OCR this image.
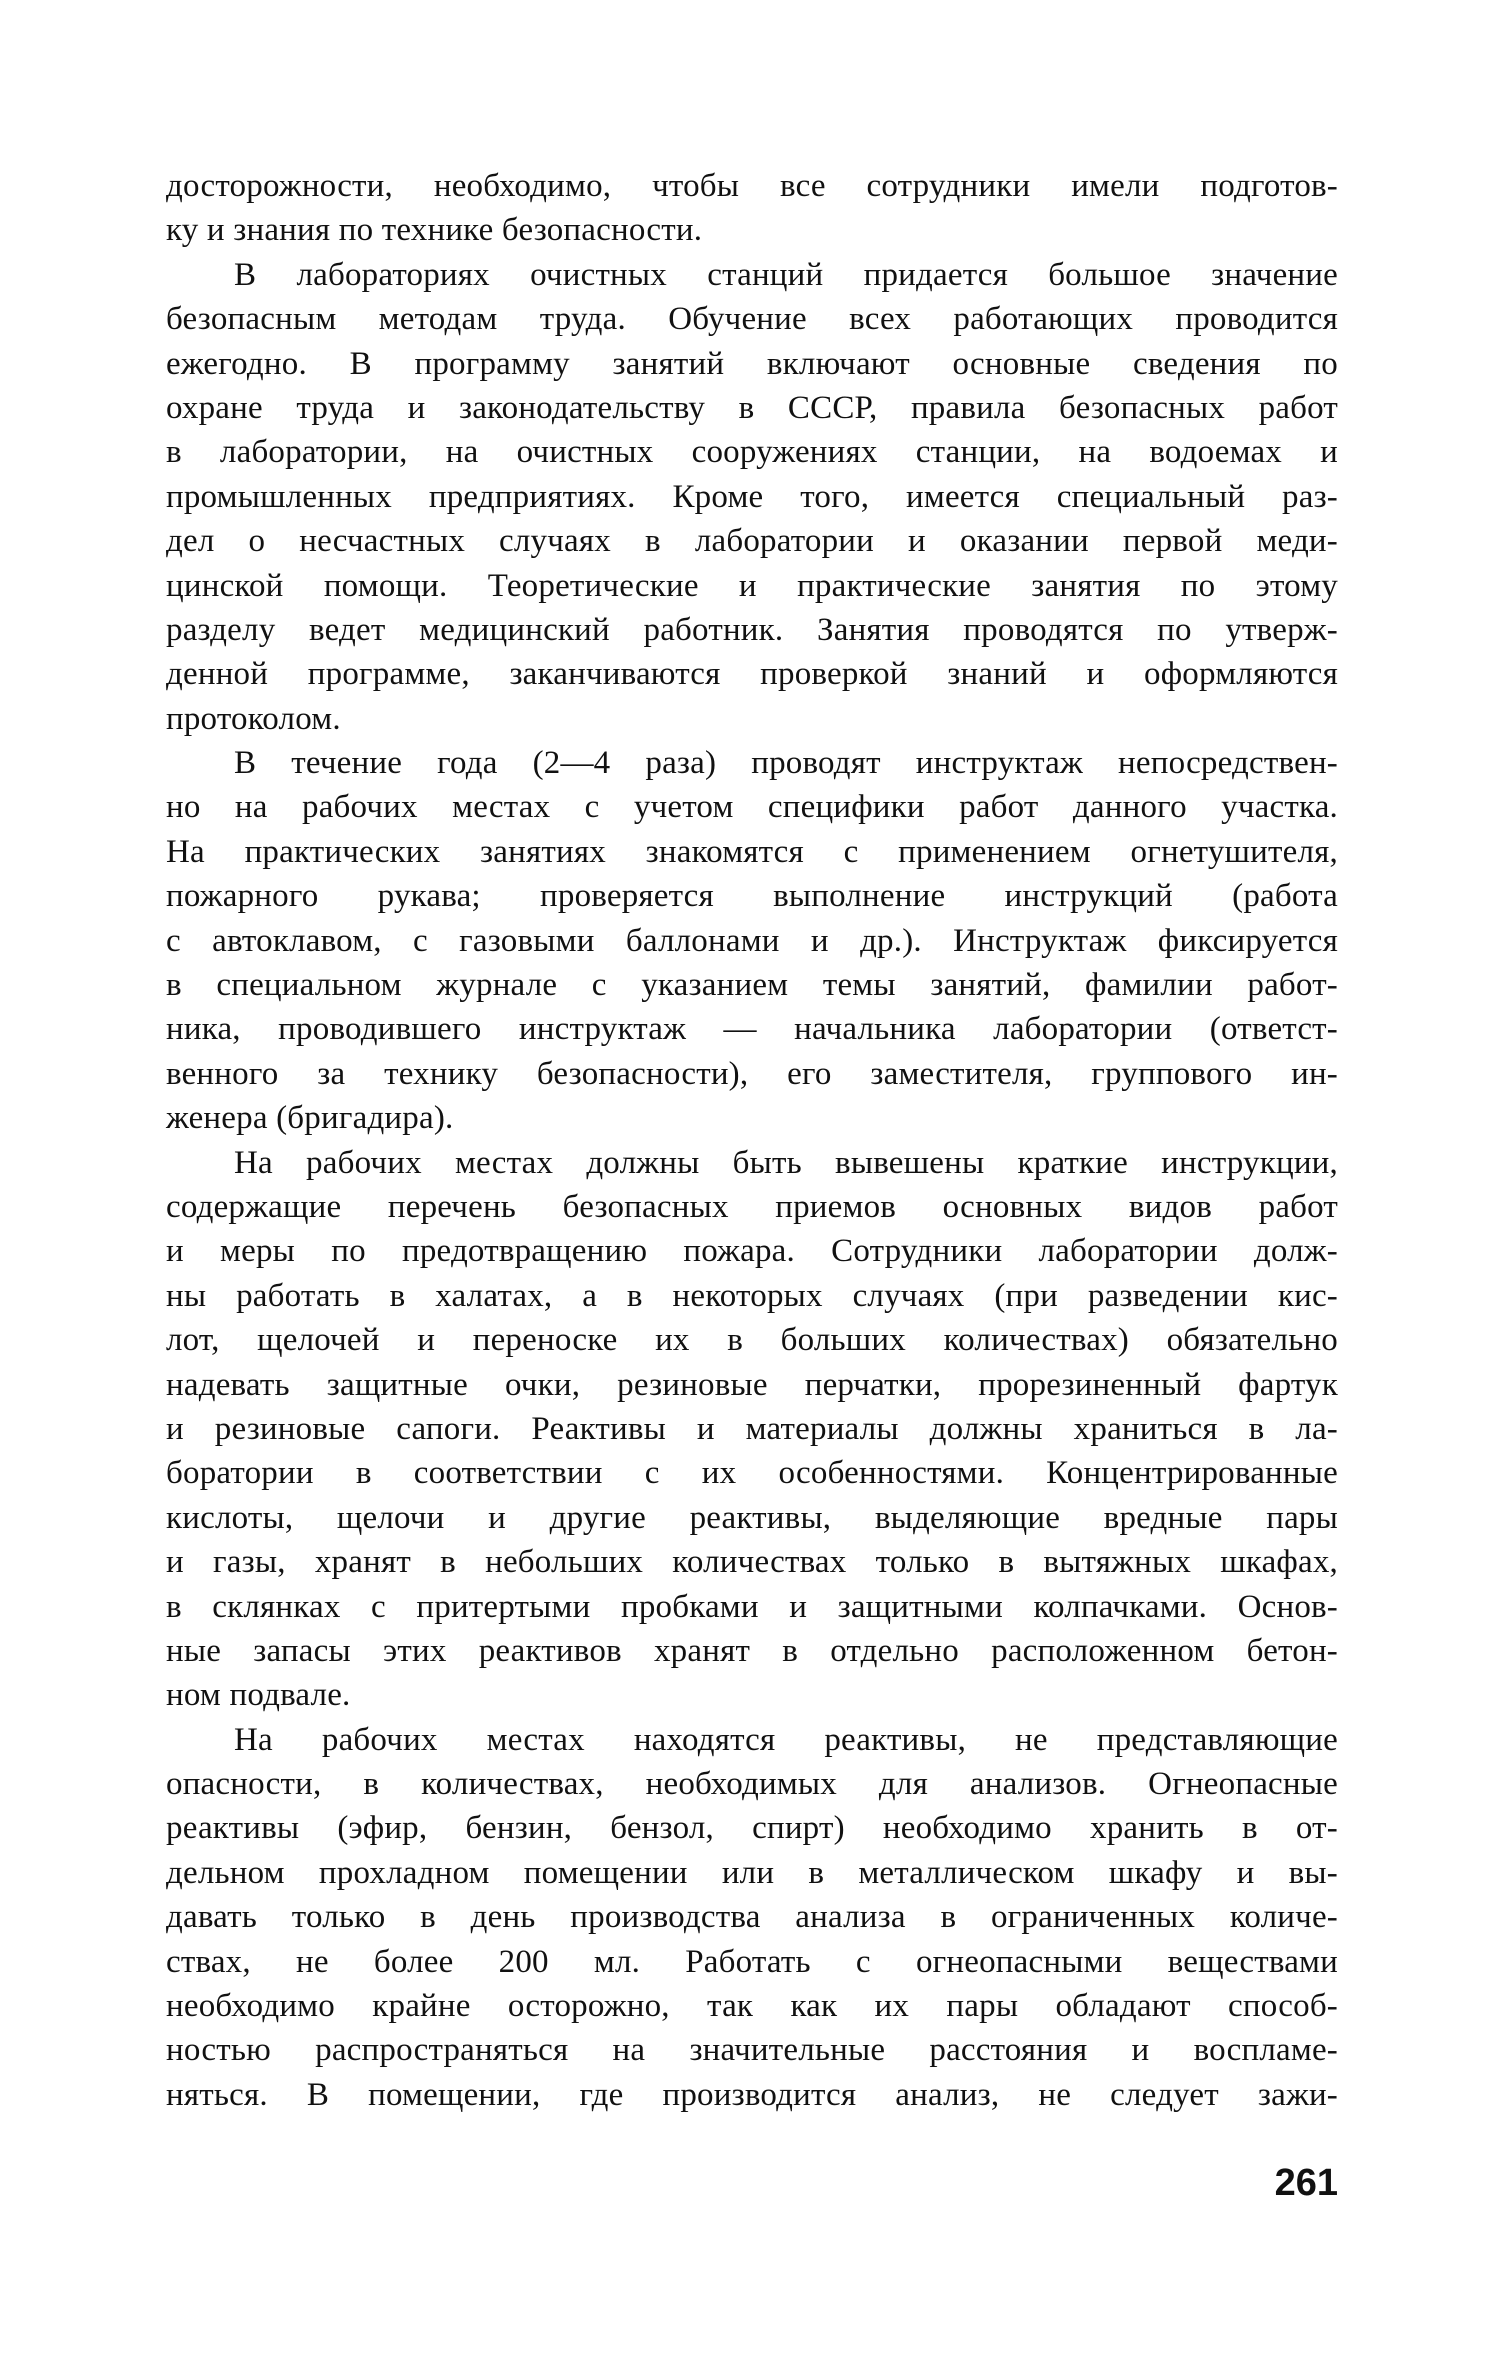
досторожности, необходимо, чтобы все сотрудники имели подготов-
ку и знания по технике безопасности.
В лабораториях очистных станций придается большое значение
безопасным методам труда. Обучение всех работающих проводится
ежегодно. В программу занятий включают основные сведения по
охране труда и законодательству в СССР, правила безопасных работ
в лаборатории, на очистных сооружениях станции, на водоемах и
промышленных предприятиях. Кроме того, имеется специальный раз-
дел о несчастных случаях в лаборатории и оказании первой меди-
цинской помощи. Теоретические и практические занятия по этому
разделу ведет медицинский работник. Занятия проводятся по утверж-
денной программе, заканчиваются проверкой знаний и оформляются
протоколом.
В течение года (2—4 раза) проводят инструктаж непосредствен-
но на рабочих местах с учетом специфики работ данного участка.
На практических занятиях знакомятся с применением огнетушителя,
пожарного рукава; проверяется выполнение инструкций (работа
с автоклавом, с газовыми баллонами и др.). Инструктаж фиксируется
в специальном журнале с указанием темы занятий, фамилии работ-
ника, проводившего инструктаж — начальника лаборатории (ответст-
венного за технику безопасности), его заместителя, группового ин-
женера (бригадира).
На рабочих местах должны быть вывешены краткие инструкции,
содержащие перечень безопасных приемов основных видов работ
и меры по предотвращению пожара. Сотрудники лаборатории долж-
ны работать в халатах, а в некоторых случаях (при разведении кис-
лот, щелочей и переноске их в больших количествах) обязательно
надевать защитные очки, резиновые перчатки, прорезиненный фартук
и резиновые сапоги. Реактивы и материалы должны храниться в ла-
боратории в соответствии с их особенностями. Концентрированные
кислоты, щелочи и другие реактивы, выделяющие вредные пары
и газы, хранят в небольших количествах только в вытяжных шкафах,
в склянках с притертыми пробками и защитными колпачками. Основ-
ные запасы этих реактивов хранят в отдельно расположенном бетон-
ном подвале.
На рабочих местах находятся реактивы, не представляющие
опасности, в количествах, необходимых для анализов. Огнеопасные
реактивы (эфир, бензин, бензол, спирт) необходимо хранить в от-
дельном прохладном помещении или в металлическом шкафу и вы-
давать только в день производства анализа в ограниченных количе-
ствах, не более 200 мл. Работать с огнеопасными веществами
необходимо крайне осторожно, так как их пары обладают способ-
ностью распространяться на значительные расстояния и воспламе-
няться. В помещении, где производится анализ, не следует зажи-
261
